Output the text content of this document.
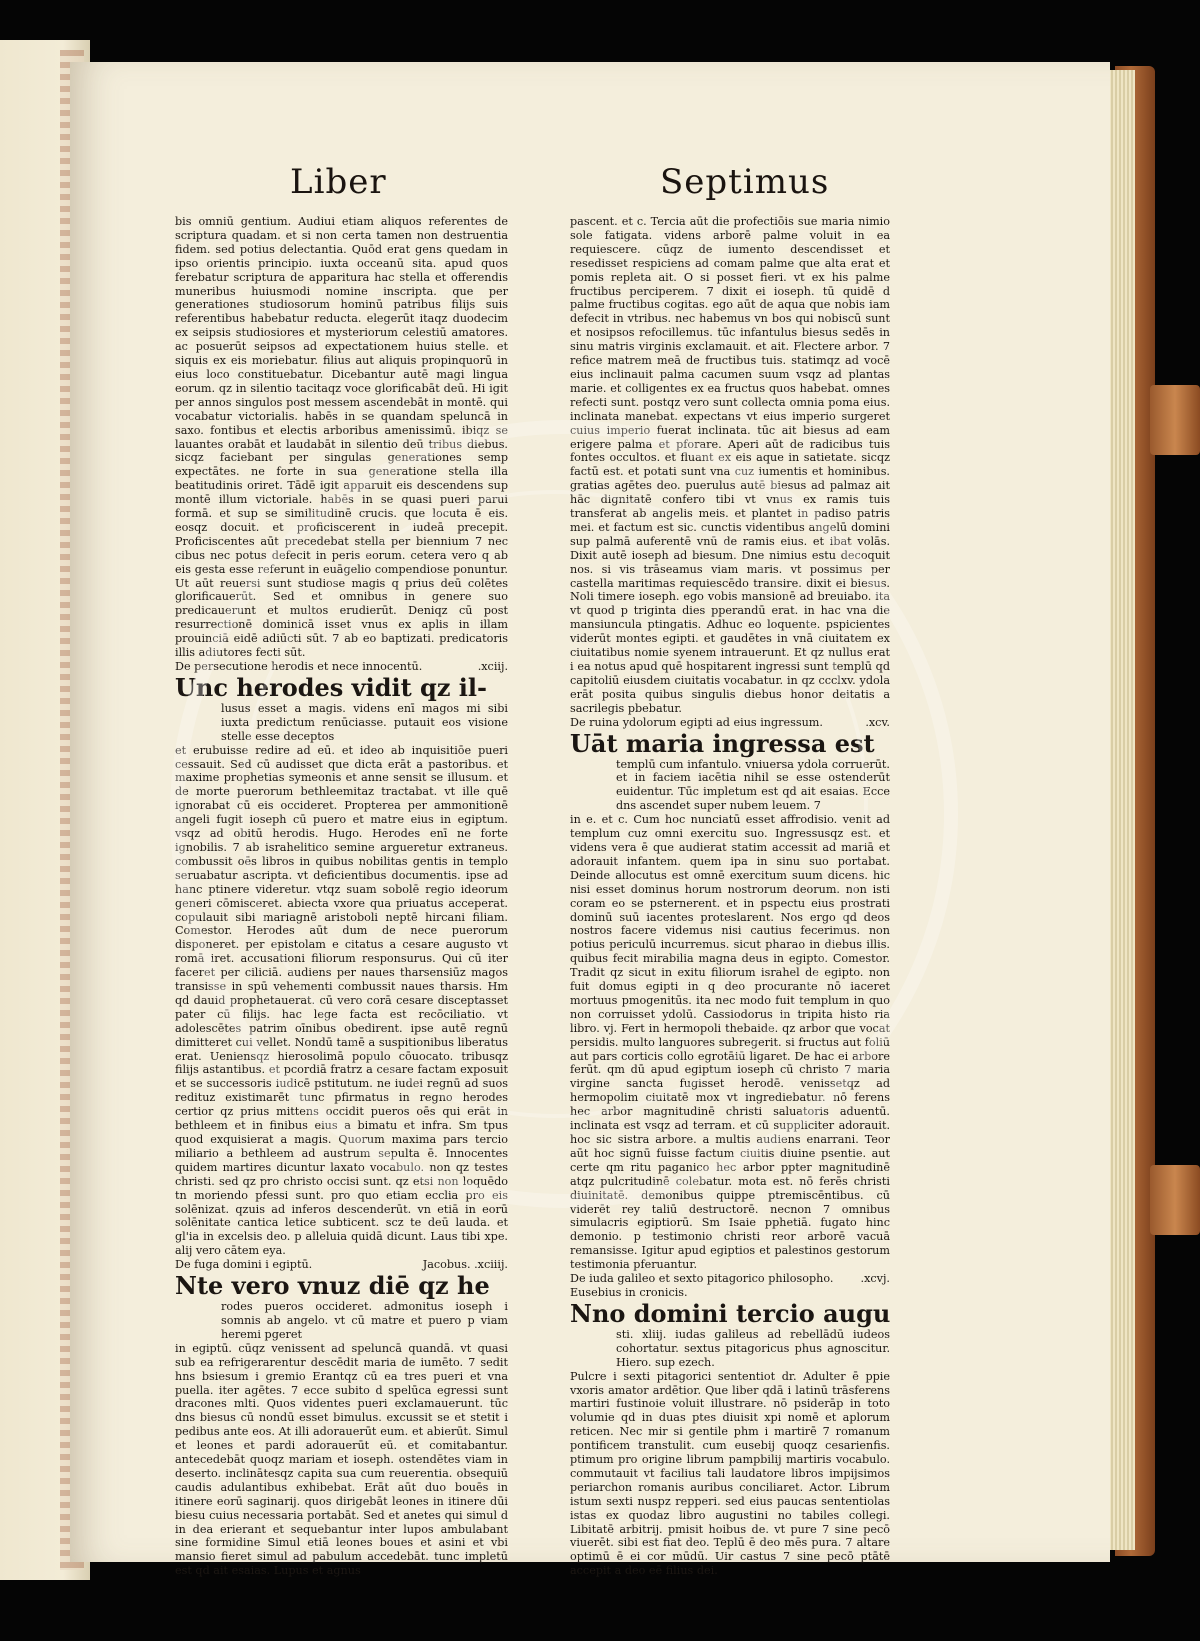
Liber	Septimus

bis omniū gentium. Audiui etiam aliquos referentes de scriptura quadam. et si non certa tamen non destruentia fidem. sed potius delectantia. Quōd erat gens quedam in ipso orientis principio. iuxta occeanū sita. apud quos ferebatur scriptura de apparitura hac stella et offerendis muneribus huiusmodi nomine inscripta. que per generationes studiosorum hominū patribus filijs suis referentibus habebatur reducta. elegerūt itaqz duodecim ex seipsis studiosiores et mysteriorum celestiū amatores. ac posuerūt seipsos ad expectationem huius stelle. et siquis ex eis moriebatur. filius aut aliquis propinquorū in eius loco constituebatur. Dicebantur autē magi lingua eorum. qz in silentio tacitaqz voce glorificabāt deū. Hi igit per annos singulos post messem ascendebāt in montē. qui vocabatur victorialis. habēs in se quandam speluncā in saxo. fontibus et electis arboribus amenissimū. ibiqz se lauantes orabāt et laudabāt in silentio deū tribus diebus. sicqz faciebant per singulas generationes semp expectātes. ne forte in sua generatione stella illa beatitudinis oriret. Tādē igit apparuit eis descendens sup montē illum victoriale. habēs in se quasi pueri parui formā. et sup se similitudinē crucis. que locuta ē eis. eosqz docuit. et proficiscerent in iudeā precepit. Proficiscentes aūt precedebat stella per biennium 7 nec cibus nec potus defecit in peris eorum. cetera vero q ab eis gesta esse referunt in euāgelio compendiose ponuntur. Ut aūt reuersi sunt studiose magis q prius deū colētes glorificauerūt. Sed et omnibus in genere suo predicauerunt et multos erudierūt. Deniqz cū post resurrectionē dominicā isset vnus ex aplis in illam prouinciā eidē adiūcti sūt. 7 ab eo baptizati. predicatoris illis adiutores fecti sūt.

De persecutione herodis et nece innocentū.	.xciij.

Unc herodes vidit qz il-

lusus esset a magis. videns enī magos mi sibi iuxta predictum renūciasse. putauit eos visione stelle esse deceptos

et erubuisse redire ad eū. et ideo ab inquisitiōe pueri cessauit. Sed cū audisset que dicta erāt a pastoribus. et maxime prophetias symeonis et anne sensit se illusum. et de morte puerorum bethleemitaz tractabat. vt ille quē ignorabat cū eis occideret. Propterea per ammonitionē angeli fugit ioseph cū puero et matre eius in egiptum. vsqz ad obitū herodis. Hugo. Herodes enī ne forte ignobilis. 7 ab israhelitico semine argueretur extraneus. combussit oēs libros in quibus nobilitas gentis in templo seruabatur ascripta. vt deficientibus documentis. ipse ad hanc ptinere videretur. vtqz suam sobolē regio ideorum generi cōmisceret. abiecta vxore qua priuatus acceperat. copulauit sibi mariagnē aristoboli neptē hircani filiam. Comestor. Herodes aūt dum de nece puerorum disponeret. per epistolam e citatus a cesare augusto vt romā iret. accusationi filiorum responsurus. Qui cū iter faceret per ciliciā. audiens per naues tharsensiūz magos transisse in spū vehementi combussit naues tharsis. Hm qd dauid prophetauerat. cū vero corā cesare disceptasset pater cū filijs. hac lege facta est recōciliatio. vt adolescētes patrim oīnibus obedirent. ipse autē regnū dimitteret cui vellet. Nondū tamē a suspitionibus liberatus erat. Ueniensqz hierosolimā populo cōuocato. tribusqz filijs astantibus. et pcordiā fratrz a cesare factam exposuit et se successoris iudicē pstitutum. ne iudei regnū ad suos redituz existimarēt tunc pfirmatus in regno herodes certior qz prius mittens occidit pueros oēs qui erāt in bethleem et in finibus eius a bimatu et infra. Sm tpus quod exquisierat a magis. Quorum maxima pars tercio miliario a bethleem ad austrum sepulta ē. Innocentes quidem martires dicuntur laxato vocabulo. non qz testes christi. sed qz pro christo occisi sunt. qz etsi non loquēdo tn moriendo pfessi sunt. pro quo etiam ecclia pro eis solēnizat. qzuis ad inferos descenderūt. vn etiā in eorū solēnitate cantica letice subticent. scz te deū lauda. et gl'ia in excelsis deo. p alleluia quidā dicunt. Laus tibi xpe. alij vero cātem eya.

De fuga domini i egiptū.	Jacobus. .xciiij.

Nte vero vnuz diē qz he

rodes pueros occideret. admonitus ioseph i somnis ab angelo. vt cū matre et puero p viam heremi pgeret

in egiptū. cūqz venissent ad speluncā quandā. vt quasi sub ea refrigerarentur descēdit maria de iumēto. 7 sedit hns bsiesum i gremio Erantqz cū ea tres pueri et vna puella. iter agētes. 7 ecce subito d spelūca egressi sunt dracones mlti. Quos videntes pueri exclamauerunt. tūc dns biesus cū nondū esset bimulus. excussit se et stetit i pedibus ante eos. At illi adorauerūt eum. et abierūt. Simul et leones et pardi adorauerūt eū. et comitabantur. antecedebāt quoqz mariam et ioseph. ostendētes viam in deserto. inclinātesqz capita sua cum reuerentia. obsequiū caudis adulantibus exhibebat. Erāt aūt duo bouēs in itinere eorū saginarij. quos dirigebāt leones in itinere dūi biesu cuius necessaria portabāt. Sed et anetes qui simul d in dea erierant et sequebantur inter lupos ambulabant sine formidine Simul etiā leones boues et asini et vbi mansio fieret simul ad pabulum accedebāt. tunc impletū est qd ait esaias. Lupus et agnus

pascent. et c. Tercia aūt die profectiōis sue maria nimio sole fatigata. videns arborē palme voluit in ea requiescere. cūqz de iumento descendisset et resedisset respiciens ad comam palme que alta erat et pomis repleta ait. O si posset fieri. vt ex his palme fructibus perciperem. 7 dixit ei ioseph. tū quidē d palme fructibus cogitas. ego aūt de aqua que nobis iam defecit in vtribus. nec habemus vn bos qui nobiscū sunt et nosipsos refocillemus. tūc infantulus biesus sedēs in sinu matris virginis exclamauit. et ait. Flectere arbor. 7 refice matrem meā de fructibus tuis. statimqz ad vocē eius inclinauit palma cacumen suum vsqz ad plantas marie. et colligentes ex ea fructus quos habebat. omnes refecti sunt. postqz vero sunt collecta omnia poma eius. inclinata manebat. expectans vt eius imperio surgeret cuius imperio fuerat inclinata. tūc ait biesus ad eam erigere palma et pforare. Aperi aūt de radicibus tuis fontes occultos. et fluant ex eis aque in satietate. sicqz factū est. et potati sunt vna cuz iumentis et hominibus. gratias agētes deo. puerulus autē biesus ad palmaz ait hāc dignitatē confero tibi vt vnus ex ramis tuis transferat ab angelis meis. et plantet in padiso patris mei. et factum est sic. cunctis videntibus angelū domini sup palmā auferentē vnū de ramis eius. et ibat volās. Dixit autē ioseph ad biesum. Dne nimius estu decoquit nos. si vis trāseamus viam maris. vt possimus per castella maritimas requiescēdo transire. dixit ei biesus. Noli timere ioseph. ego vobis mansionē ad breuiabo. ita vt quod p triginta dies pperandū erat. in hac vna die mansiuncula ptingatis. Adhuc eo loquente. pspicientes viderūt montes egipti. et gaudētes in vnā ciuitatem ex ciuitatibus nomie syenem intrauerunt. Et qz nullus erat i ea notus apud quē hospitarent ingressi sunt templū qd capitoliū eiusdem ciuitatis vocabatur. in qz ccclxv. ydola erāt posita quibus singulis diebus honor deitatis a sacrilegis pbebatur.

De ruina ydolorum egipti ad eius ingressum.	.xcv.

Uāt maria ingressa est

templū cum infantulo. vniuersa ydola corruerūt. et in faciem iacētia nihil se esse ostenderūt euidentur. Tūc impletum est qd ait esaias. Ecce dns ascendet super nubem leuem. 7

in e. et c. Cum hoc nunciatū esset affrodisio. venit ad templum cuz omni exercitu suo. Ingressusqz est. et videns vera ē que audierat statim accessit ad mariā et adorauit infantem. quem ipa in sinu suo portabat. Deinde allocutus est omnē exercitum suum dicens. hic nisi esset dominus horum nostrorum deorum. non isti coram eo se psternerent. et in pspectu eius prostrati dominū suū iacentes proteslarent. Nos ergo qd deos nostros facere videmus nisi cautius fecerimus. non potius periculū incurremus. sicut pharao in diebus illis. quibus fecit mirabilia magna deus in egipto. Comestor. Tradit qz sicut in exitu filiorum israhel de egipto. non fuit domus egipti in q deo procurante nō iaceret mortuus pmogenitūs. ita nec modo fuit templum in quo non corruisset ydolū. Cassiodorus in tripita histo ria libro. vj. Fert in hermopoli thebaide. qz arbor que vocat persidis. multo languores subregerit. si fructus aut foliū aut pars corticis collo egrotāiū ligaret. De hac ei arbore ferūt. qm dū apud egiptum ioseph cū christo 7 maria virgine sancta fugisset herodē. venissetqz ad hermopolim ciuitatē mox vt ingrediebatur. nō ferens hec arbor magnitudinē christi saluatoris aduentū. inclinata est vsqz ad terram. et cū suppliciter adorauit. hoc sic sistra arbore. a multis audiens enarrani. Teor aūt hoc signū fuisse factum ciuitis diuine psentie. aut certe qm ritu paganico hec arbor ppter magnitudinē atqz pulcritudinē colebatur. mota est. nō ferēs christi diuinitatē. demonibus quippe ptremiscēntibus. cū viderēt rey taliū destructorē. necnon 7 omnibus simulacris egiptiorū. Sm Isaie pphetiā. fugato hinc demonio. p testimonio christi reor arborē vacuā remansisse. Igitur apud egiptios et palestinos gestorum testimonia pferuantur.

De iuda galileo et sexto pitagorico philosopho. .xcvj.

Eusebius in cronicis.

Nno domini tercio augu

sti. xliij. iudas galileus ad rebellādū iudeos cohortatur. sextus pitagoricus phus agnoscitur. Hiero. sup ezech.

Pulcre i sexti pitagorici sententiot dr. Adulter ē ppie vxoris amator ardētior. Que liber qdā i latinū trāsferens martiri fustinoie voluit illustrare. nō psiderāp in toto volumie qd in duas ptes diuisit xpi nomē et aplorum reticen. Nec mir si gentile phm i martirē 7 romanum pontificem transtulit. cum eusebij quoqz cesarienfis. ptimum pro origine librum pampbilij martiris vocabulo. commutauit vt facilius tali laudatore libros impijsimos periarchon romanis auribus conciliaret. Actor. Librum istum sexti nuspz repperi. sed eius paucas sententiolas istas ex quodaz libro augustini no tabiles collegi. Libitatē arbitrij. pmisit hoibus de. vt pure 7 sine pecō viuerēt. sibi est fiat deo. Teplū ē deo mēs pura. 7 altare optimū ē ei cor mūdū. Uir castus 7 sine pecō ptātē accepit a deo eē filius dei.
